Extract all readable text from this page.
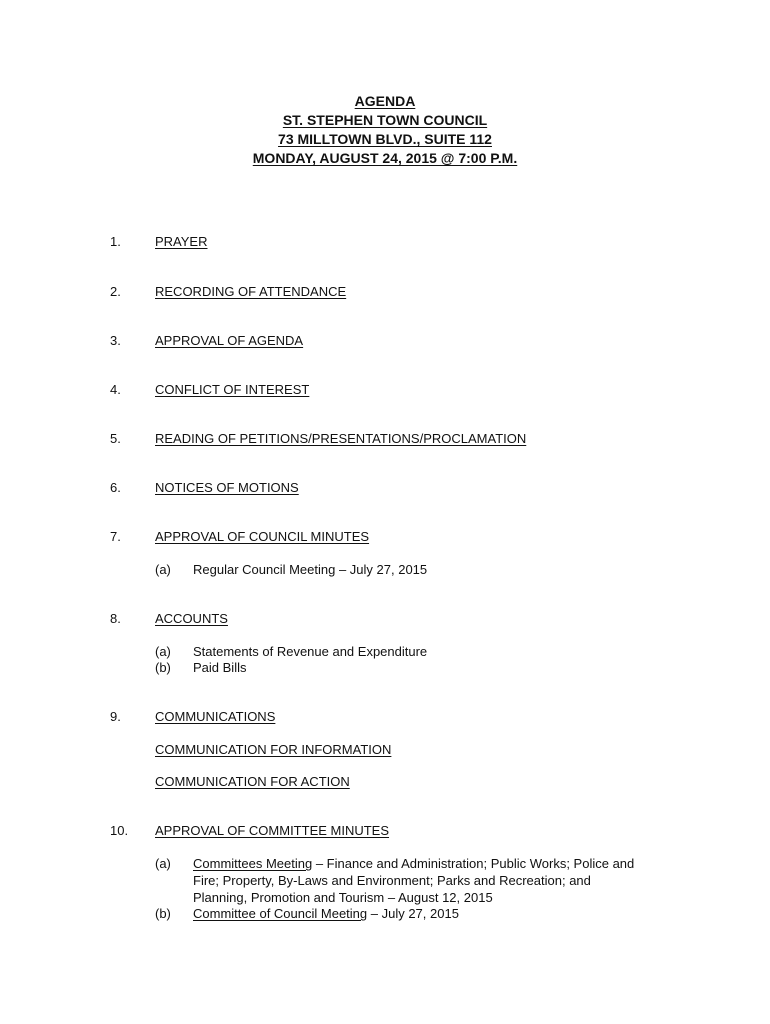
AGENDA
ST. STEPHEN TOWN COUNCIL
73 MILLTOWN BLVD., SUITE 112
MONDAY, AUGUST 24, 2015 @ 7:00 P.M.
1.	PRAYER
2.	RECORDING OF ATTENDANCE
3.	APPROVAL OF AGENDA
4.	CONFLICT OF INTEREST
5.	READING OF PETITIONS/PRESENTATIONS/PROCLAMATION
6.	NOTICES OF MOTIONS
7.	APPROVAL OF COUNCIL MINUTES
(a) Regular Council Meeting – July 27, 2015
8.	ACCOUNTS
(a) Statements of Revenue and Expenditure
(b) Paid Bills
9.	COMMUNICATIONS
COMMUNICATION FOR INFORMATION
COMMUNICATION FOR ACTION
10.	APPROVAL OF COMMITTEE MINUTES
(a) Committees Meeting – Finance and Administration; Public Works; Police and Fire; Property, By-Laws and Environment; Parks and Recreation; and Planning, Promotion and Tourism – August 12, 2015
(b) Committee of Council Meeting – July 27, 2015
